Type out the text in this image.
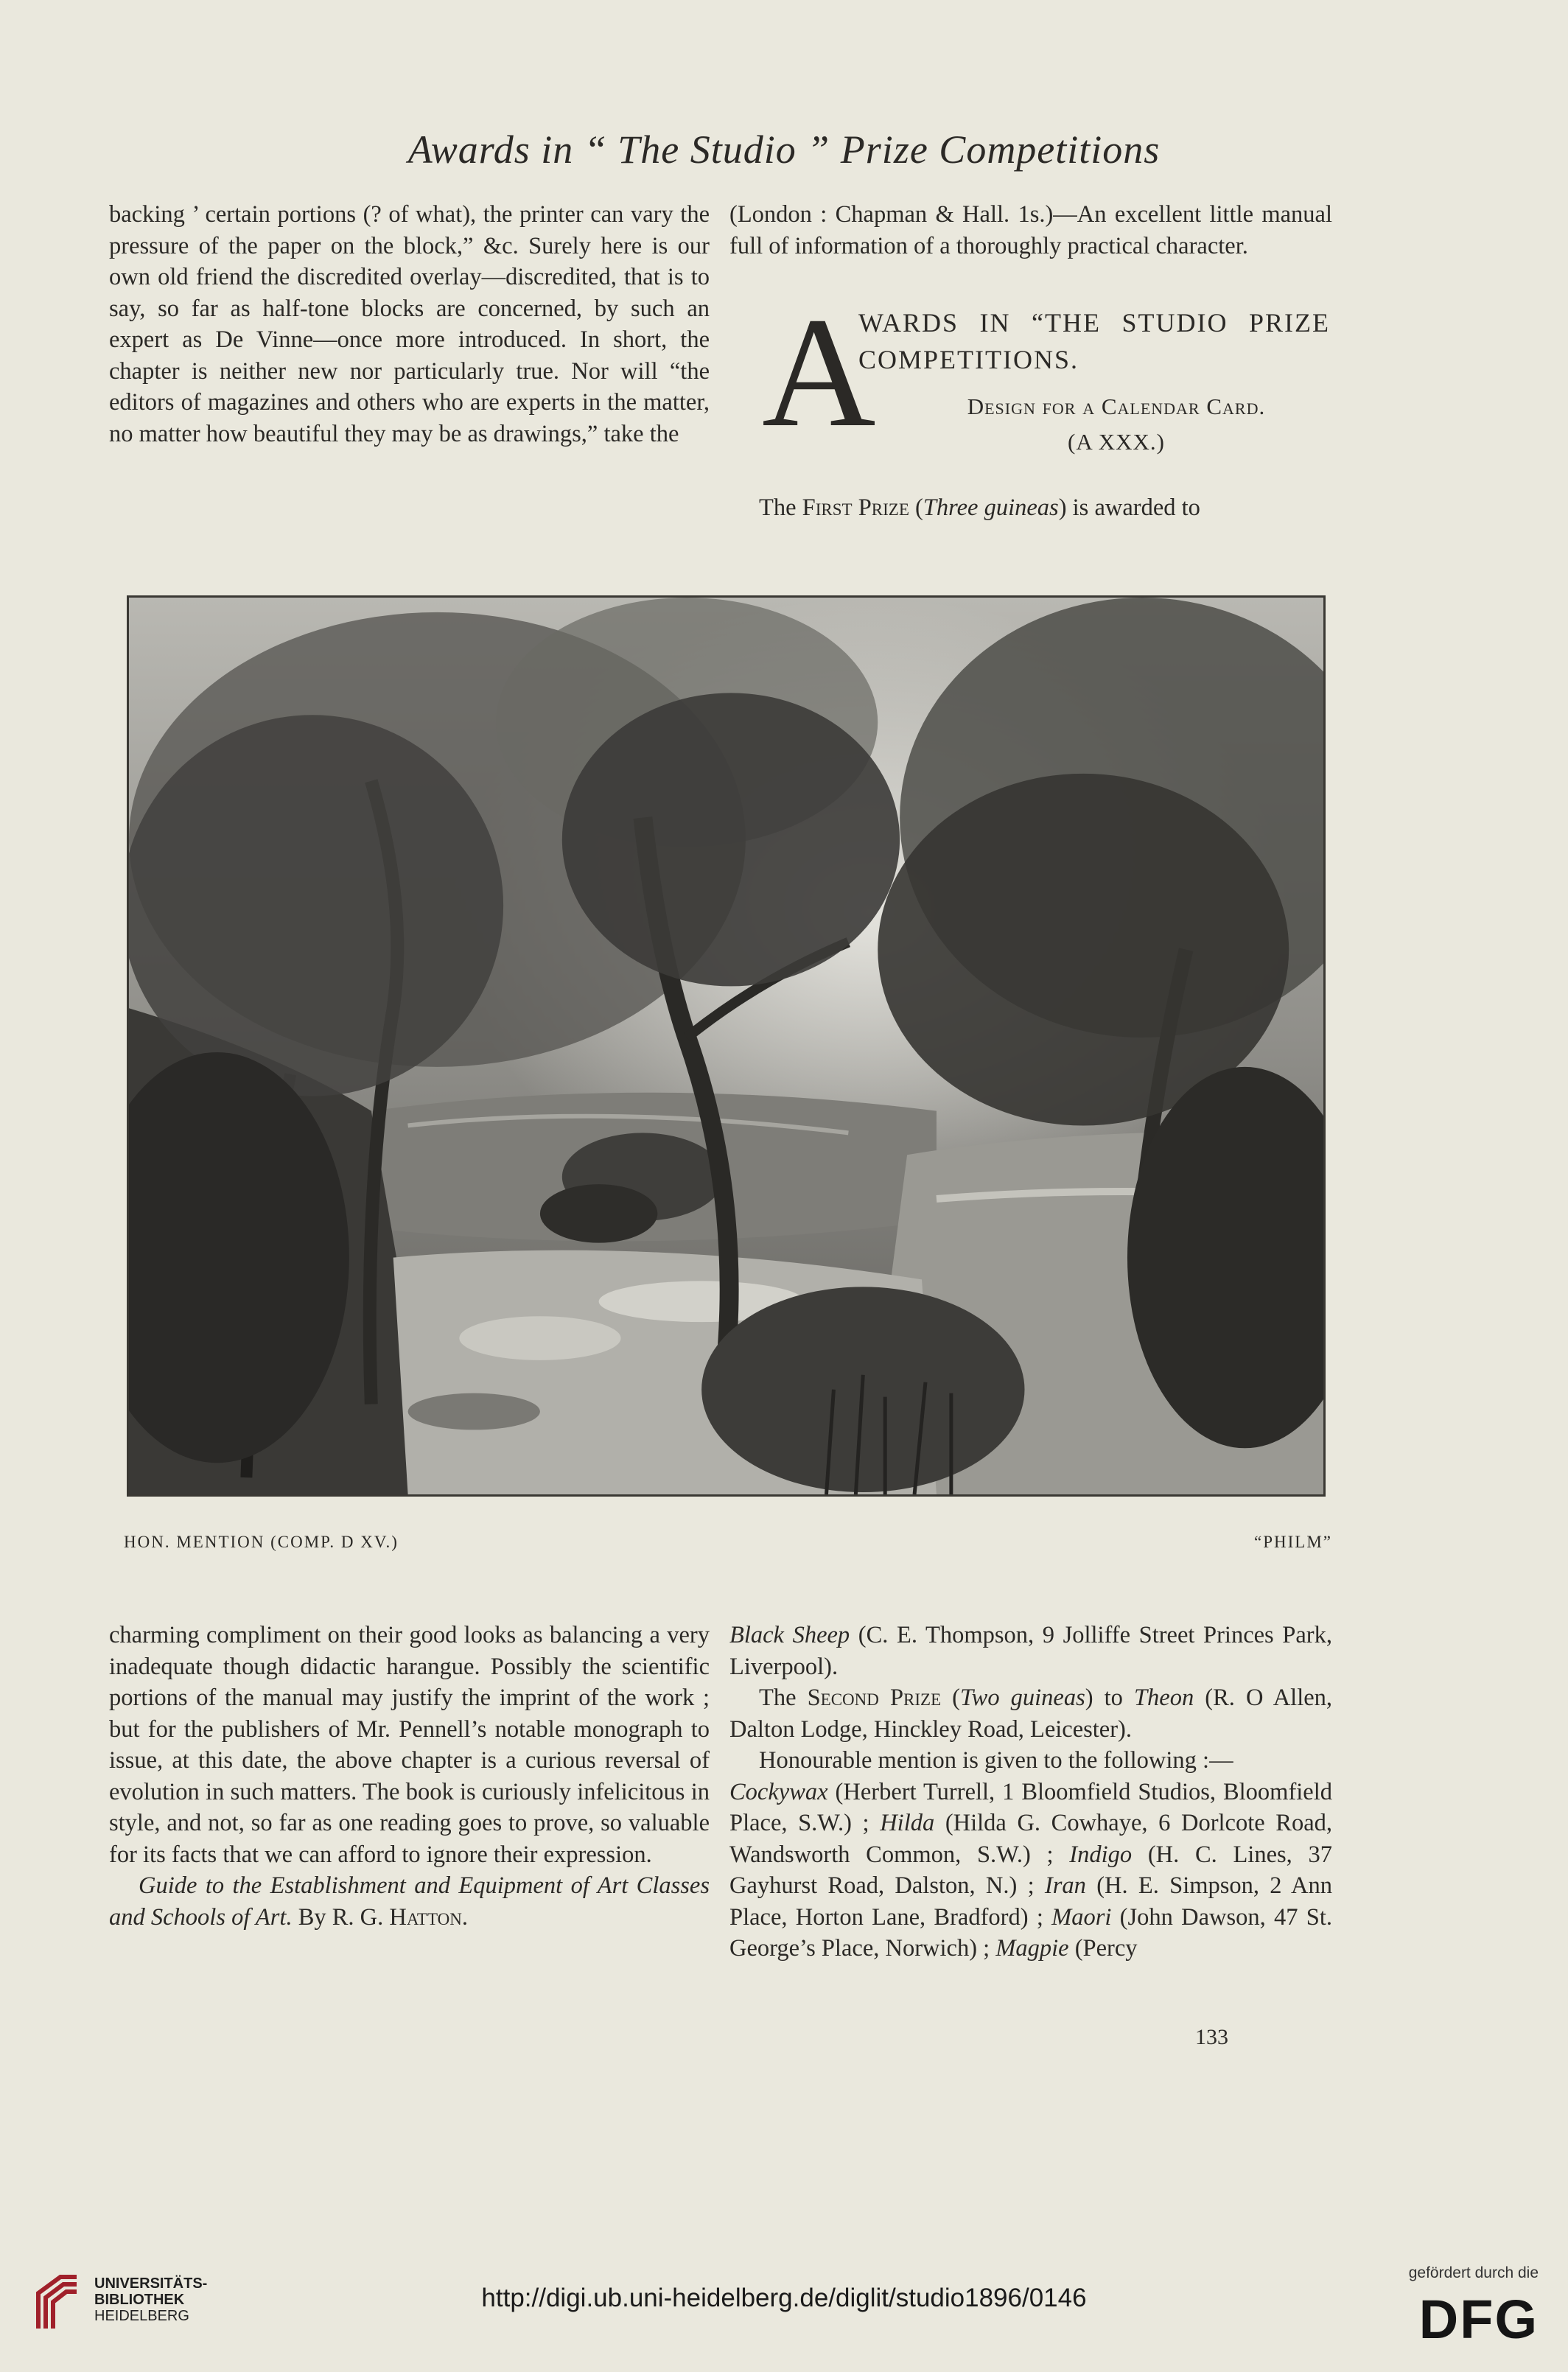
Awards in “ The Studio ” Prize Competitions

backing ’ certain portions (? of what), the printer can vary the pressure of the paper on the block,” &c. Surely here is our own old friend the discredited overlay—discredited, that is to say, so far as half-tone blocks are concerned, by such an expert as De Vinne—once more introduced. In short, the chapter is neither new nor particularly true. Nor will “the editors of magazines and others who are experts in the matter, no matter how beautiful they may be as drawings,” take the

(London : Chapman & Hall. 1s.)—An excellent little manual full of information of a thoroughly practical character.

A
WARDS IN “THE STUDIO PRIZE COMPETITIONS.
Design for a Calendar Card.
(A XXX.)

The First Prize (Three guineas) is awarded to

HON. MENTION (COMP. D XV.)	“PHILM”

charming compliment on their good looks as balancing a very inadequate though didactic harangue. Possibly the scientific portions of the manual may justify the imprint of the work ; but for the publishers of Mr. Pennell’s notable monograph to issue, at this date, the above chapter is a curious reversal of evolution in such matters. The book is curiously infelicitous in style, and not, so far as one reading goes to prove, so valuable for its facts that we can afford to ignore their expression.

Guide to the Establishment and Equipment of Art Classes and Schools of Art. By R. G. Hatton.

Black Sheep (C. E. Thompson, 9 Jolliffe Street Princes Park, Liverpool).

The Second Prize (Two guineas) to Theon (R. O Allen, Dalton Lodge, Hinckley Road, Leicester).

Honourable mention is given to the following :—

Cockywax (Herbert Turrell, 1 Bloomfield Studios, Bloomfield Place, S.W.) ; Hilda (Hilda G. Cowhaye, 6 Dorlcote Road, Wandsworth Common, S.W.) ; Indigo (H. C. Lines, 37 Gayhurst Road, Dalston, N.) ; Iran (H. E. Simpson, 2 Ann Place, Horton Lane, Bradford) ; Maori (John Dawson, 47 St. George’s Place, Norwich) ; Magpie (Percy

133
UNIVERSITÄTS-
BIBLIOTHEK
HEIDELBERG
http://digi.ub.uni-heidelberg.de/diglit/studio1896/0146
gefördert durch die
DFG
